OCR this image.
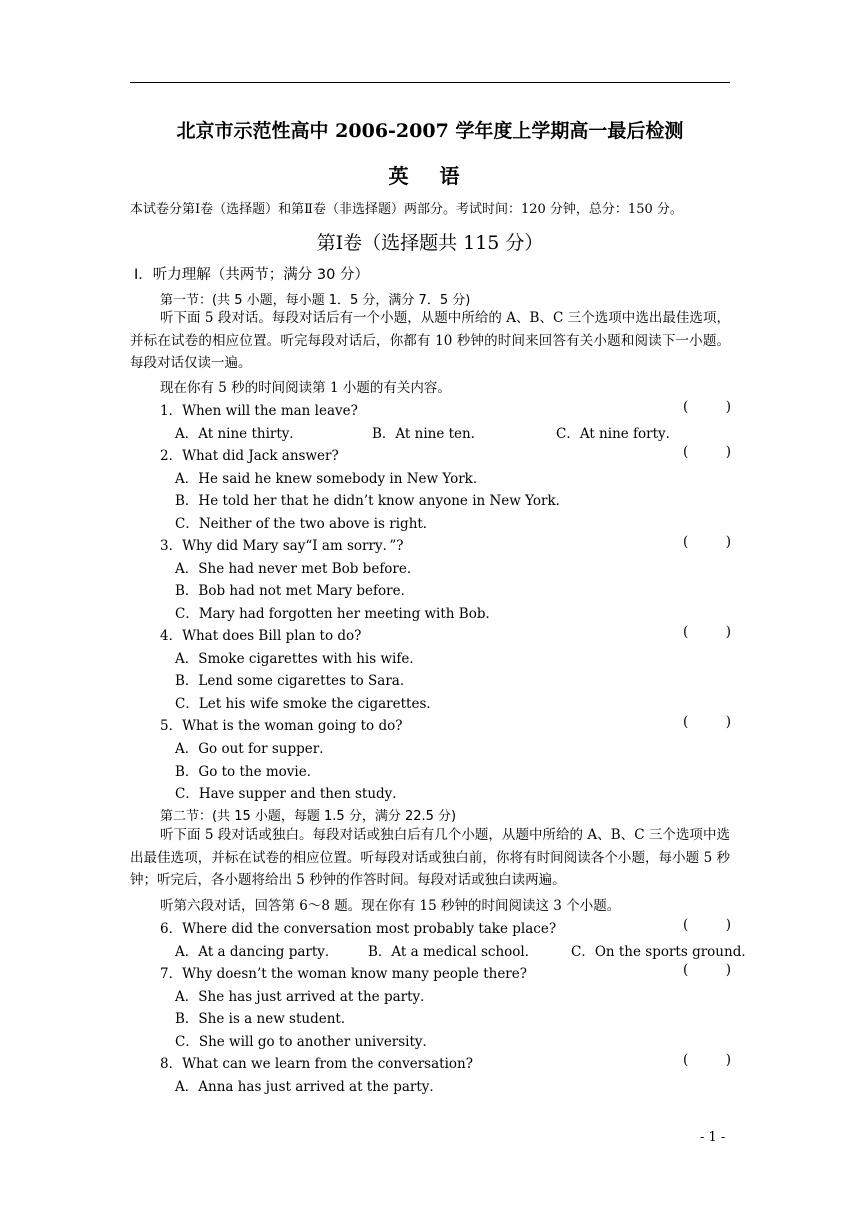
北京市示范性高中 2006-2007 学年度上学期高一最后检测
英 语
本试卷分第Ⅰ卷（选择题）和第Ⅱ卷（非选择题）两部分。考试时间：120 分钟，总分：150 分。
第Ⅰ卷（选择题共 115 分）
Ⅰ．听力理解（共两节；满分 30 分）
第一节：(共 5 小题，每小题 1．5 分，满分 7．5 分)
听下面 5 段对话。每段对话后有一个小题，从题中所给的 A、B、C 三个选项中选出最佳选项，并标在试卷的相应位置。听完每段对话后，你都有 10 秒钟的时间来回答有关小题和阅读下一小题。每段对话仅读一遍。
现在你有 5 秒的时间阅读第 1 小题的有关内容。
1．When will the man leave?	(	)
A．At nine thirty．	B．At nine ten．	C．At nine forty．
2．What did Jack answer?	(	)
A．He said he knew somebody in New York．
B．He told her that he didn’t know anyone in New York．
C．Neither of the two above is right．
3．Why did Mary say“I am sorry．”?	(	)
A．She had never met Bob before．
B．Bob had not met Mary before．
C．Mary had forgotten her meeting with Bob．
4．What does Bill plan to do?	(	)
A．Smoke cigarettes with his wife．
B．Lend some cigarettes to Sara．
C．Let his wife smoke the cigarettes．
5．What is the woman going to do?	(	)
A．Go out for supper．
B．Go to the movie．
C．Have supper and then study．
第二节：(共 15 小题，每题 1.5 分，满分 22.5 分)
听下面 5 段对话或独白。每段对话或独白后有几个小题，从题中所给的 A、B、C 三个选项中选出最佳选项，并标在试卷的相应位置。听每段对话或独白前，你将有时间阅读各个小题，每小题 5 秒钟；听完后，各小题将给出 5 秒钟的作答时间。每段对话或独白读两遍。
听第六段对话，回答第 6～8 题。现在你有 15 秒钟的时间阅读这 3 个小题。
6．Where did the conversation most probably take place?	(	)
A．At a dancing party． B．At a medical school． C．On the sports ground．
7．Why doesn’t the woman know many people there?	(	)
A．She has just arrived at the party．
B．She is a new student．
C．She will go to another university．
8．What can we learn from the conversation?	(	)
A．Anna has just arrived at the party．
- 1 -
